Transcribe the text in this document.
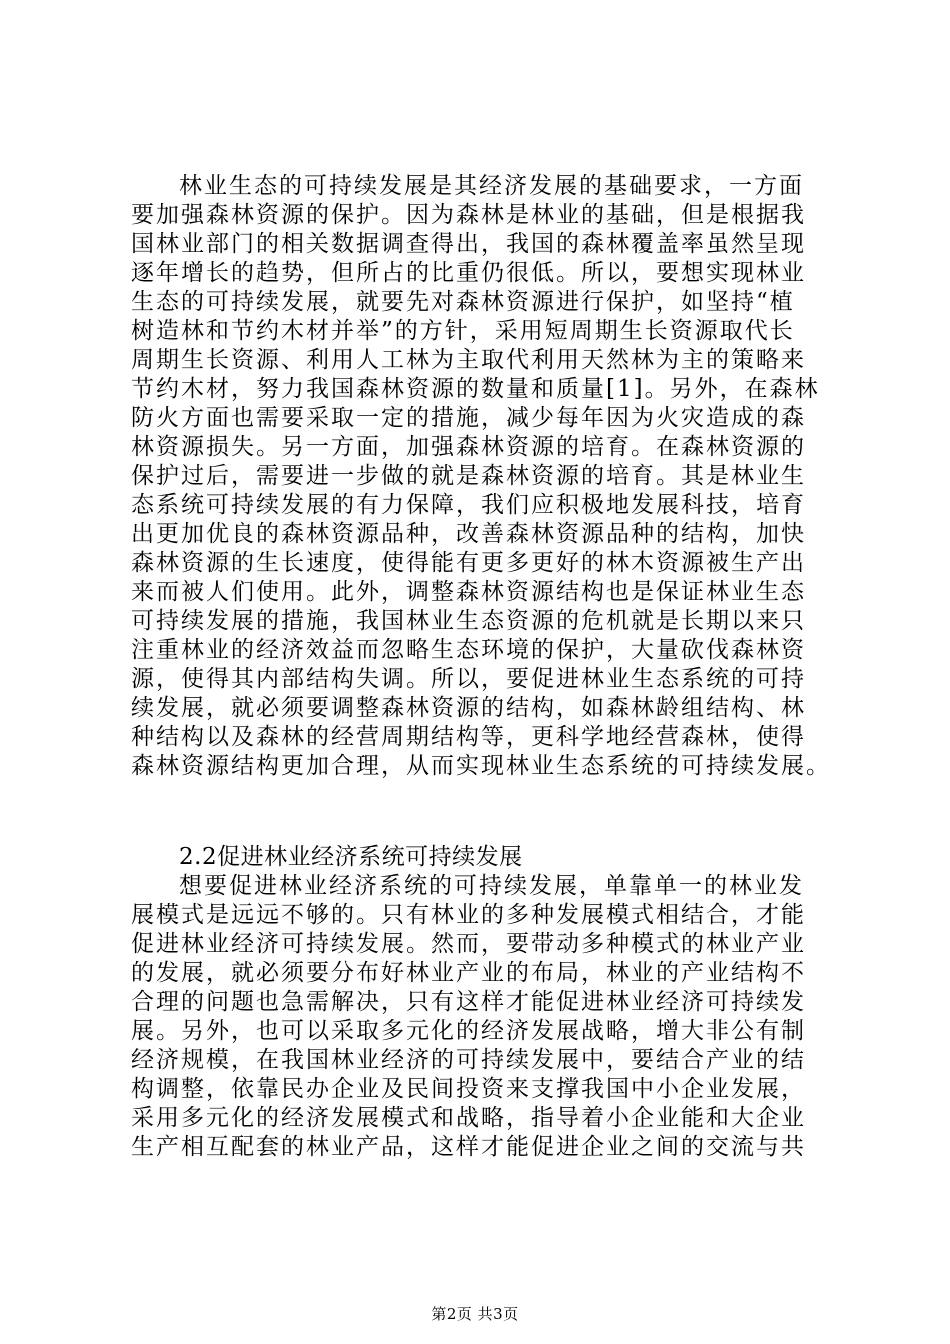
林业生态的可持续发展是其经济发展的基础要求，一方面
要加强森林资源的保护。因为森林是林业的基础，但是根据我
国林业部门的相关数据调查得出，我国的森林覆盖率虽然呈现
逐年增长的趋势，但所占的比重仍很低。所以，要想实现林业
生态的可持续发展，就要先对森林资源进行保护，如坚持“植
树造林和节约木材并举”的方针，采用短周期生长资源取代长
周期生长资源、利用人工林为主取代利用天然林为主的策略来
节约木材，努力我国森林资源的数量和质量[1]。另外，在森林
防火方面也需要采取一定的措施，减少每年因为火灾造成的森
林资源损失。另一方面，加强森林资源的培育。在森林资源的
保护过后，需要进一步做的就是森林资源的培育。其是林业生
态系统可持续发展的有力保障，我们应积极地发展科技，培育
出更加优良的森林资源品种，改善森林资源品种的结构，加快
森林资源的生长速度，使得能有更多更好的林木资源被生产出
来而被人们使用。此外，调整森林资源结构也是保证林业生态
可持续发展的措施，我国林业生态资源的危机就是长期以来只
注重林业的经济效益而忽略生态环境的保护，大量砍伐森林资
源，使得其内部结构失调。所以，要促进林业生态系统的可持
续发展，就必须要调整森林资源的结构，如森林龄组结构、林
种结构以及森林的经营周期结构等，更科学地经营森林，使得
森林资源结构更加合理，从而实现林业生态系统的可持续发展。
2.2促进林业经济系统可持续发展
想要促进林业经济系统的可持续发展，单靠单一的林业发
展模式是远远不够的。只有林业的多种发展模式相结合，才能
促进林业经济可持续发展。然而，要带动多种模式的林业产业
的发展，就必须要分布好林业产业的布局，林业的产业结构不
合理的问题也急需解决，只有这样才能促进林业经济可持续发
展。另外，也可以采取多元化的经济发展战略，增大非公有制
经济规模，在我国林业经济的可持续发展中，要结合产业的结
构调整，依靠民办企业及民间投资来支撑我国中小企业发展，
采用多元化的经济发展模式和战略，指导着小企业能和大企业
生产相互配套的林业产品，这样才能促进企业之间的交流与共
第2页 共3页
